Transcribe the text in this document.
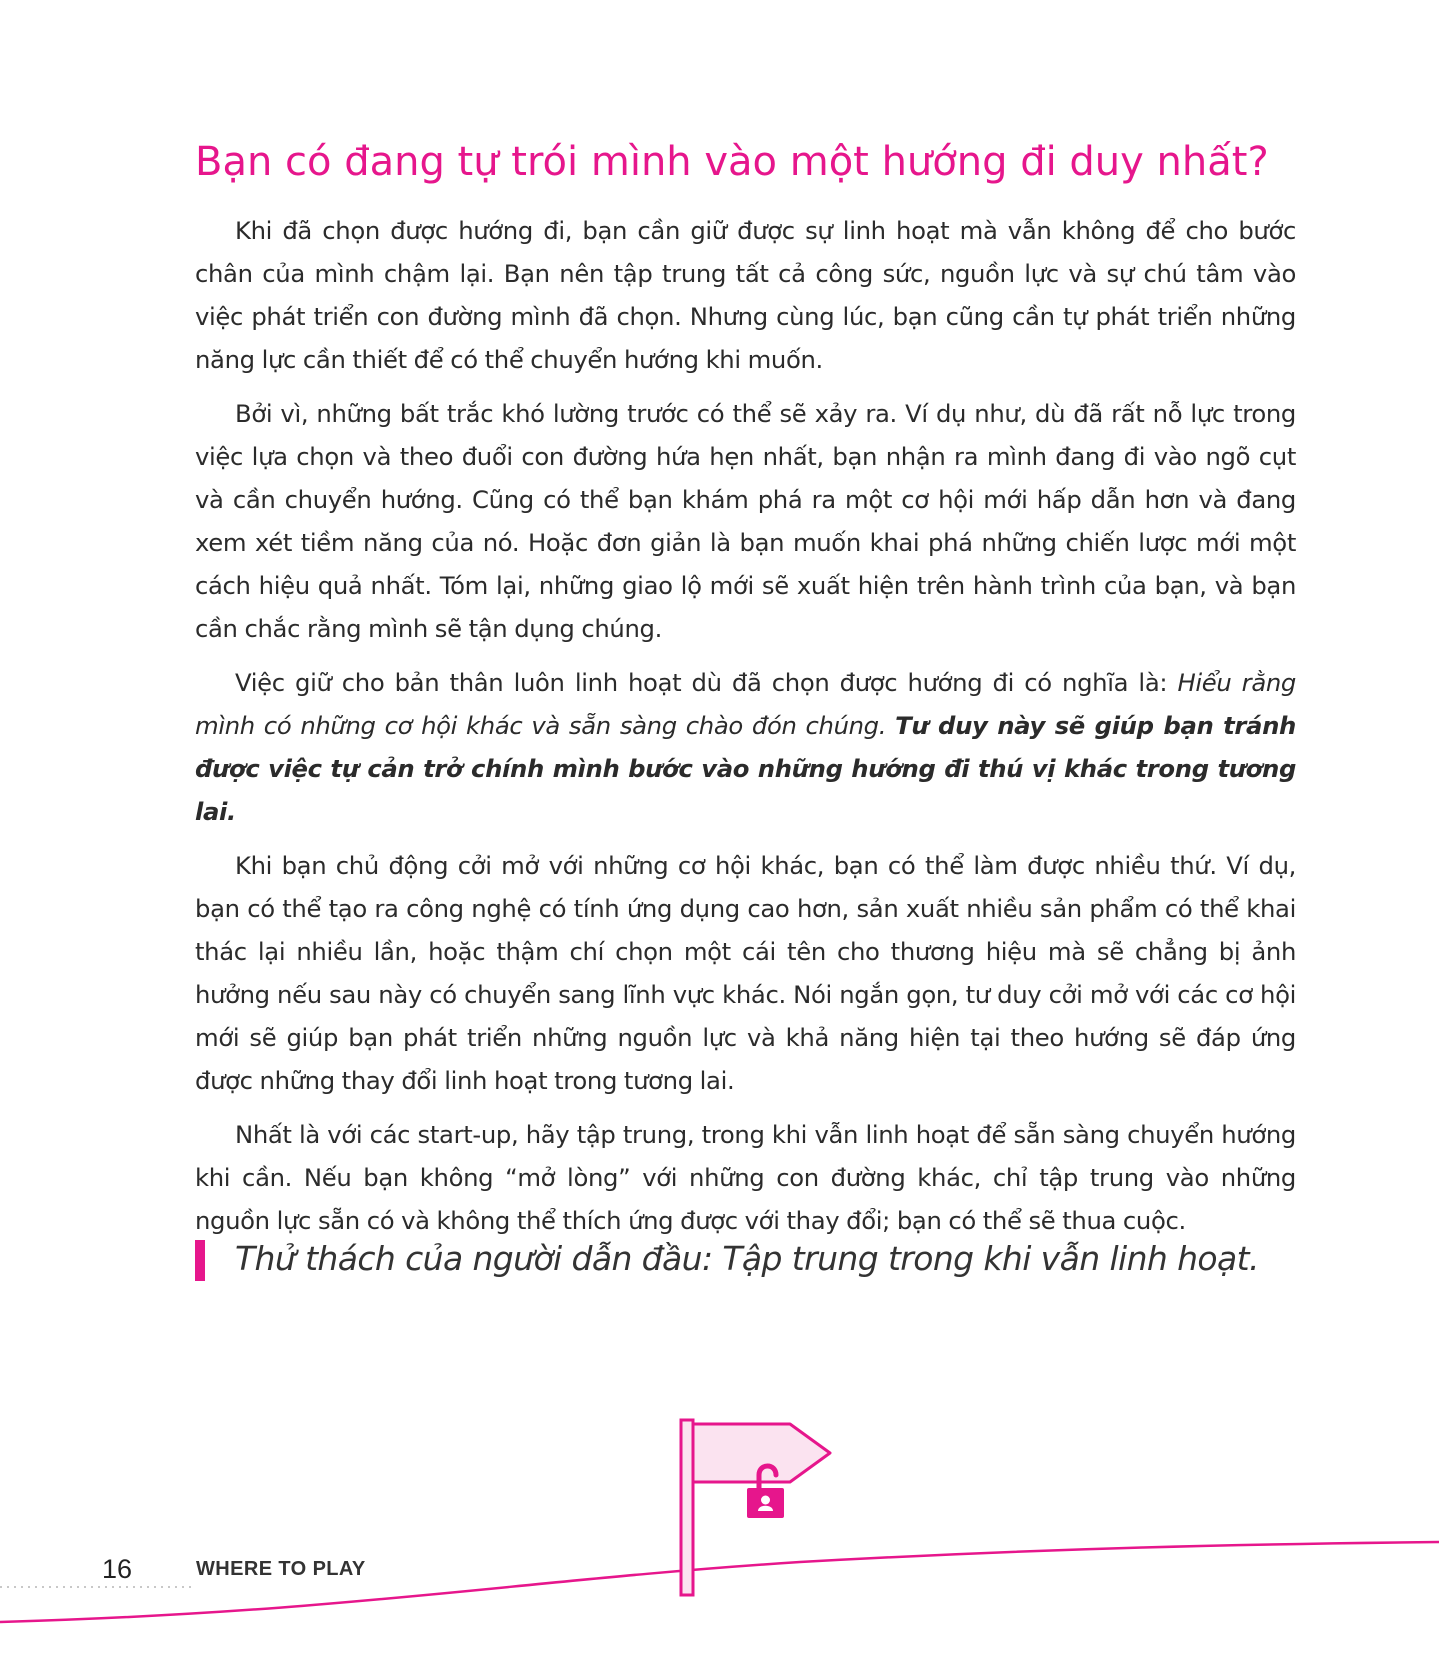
Bạn có đang tự trói mình vào một hướng đi duy nhất?

Khi đã chọn được hướng đi, bạn cần giữ được sự linh hoạt mà vẫn không để cho bước chân của mình chậm lại. Bạn nên tập trung tất cả công sức, nguồn lực và sự chú tâm vào việc phát triển con đường mình đã chọn. Nhưng cùng lúc, bạn cũng cần tự phát triển những năng lực cần thiết để có thể chuyển hướng khi muốn.

Bởi vì, những bất trắc khó lường trước có thể sẽ xảy ra. Ví dụ như, dù đã rất nỗ lực trong việc lựa chọn và theo đuổi con đường hứa hẹn nhất, bạn nhận ra mình đang đi vào ngõ cụt và cần chuyển hướng. Cũng có thể bạn khám phá ra một cơ hội mới hấp dẫn hơn và đang xem xét tiềm năng của nó. Hoặc đơn giản là bạn muốn khai phá những chiến lược mới một cách hiệu quả nhất. Tóm lại, những giao lộ mới sẽ xuất hiện trên hành trình của bạn, và bạn cần chắc rằng mình sẽ tận dụng chúng.

Việc giữ cho bản thân luôn linh hoạt dù đã chọn được hướng đi có nghĩa là: Hiểu rằng mình có những cơ hội khác và sẵn sàng chào đón chúng. Tư duy này sẽ giúp bạn tránh được việc tự cản trở chính mình bước vào những hướng đi thú vị khác trong tương lai.

Khi bạn chủ động cởi mở với những cơ hội khác, bạn có thể làm được nhiều thứ. Ví dụ, bạn có thể tạo ra công nghệ có tính ứng dụng cao hơn, sản xuất nhiều sản phẩm có thể khai thác lại nhiều lần, hoặc thậm chí chọn một cái tên cho thương hiệu mà sẽ chẳng bị ảnh hưởng nếu sau này có chuyển sang lĩnh vực khác. Nói ngắn gọn, tư duy cởi mở với các cơ hội mới sẽ giúp bạn phát triển những nguồn lực và khả năng hiện tại theo hướng sẽ đáp ứng được những thay đổi linh hoạt trong tương lai.

Nhất là với các start-up, hãy tập trung, trong khi vẫn linh hoạt để sẵn sàng chuyển hướng khi cần. Nếu bạn không “mở lòng” với những con đường khác, chỉ tập trung vào những nguồn lực sẵn có và không thể thích ứng được với thay đổi; bạn có thể sẽ thua cuộc.

Thử thách của người dẫn đầu: Tập trung trong khi vẫn linh hoạt.
16	WHERE TO PLAY
